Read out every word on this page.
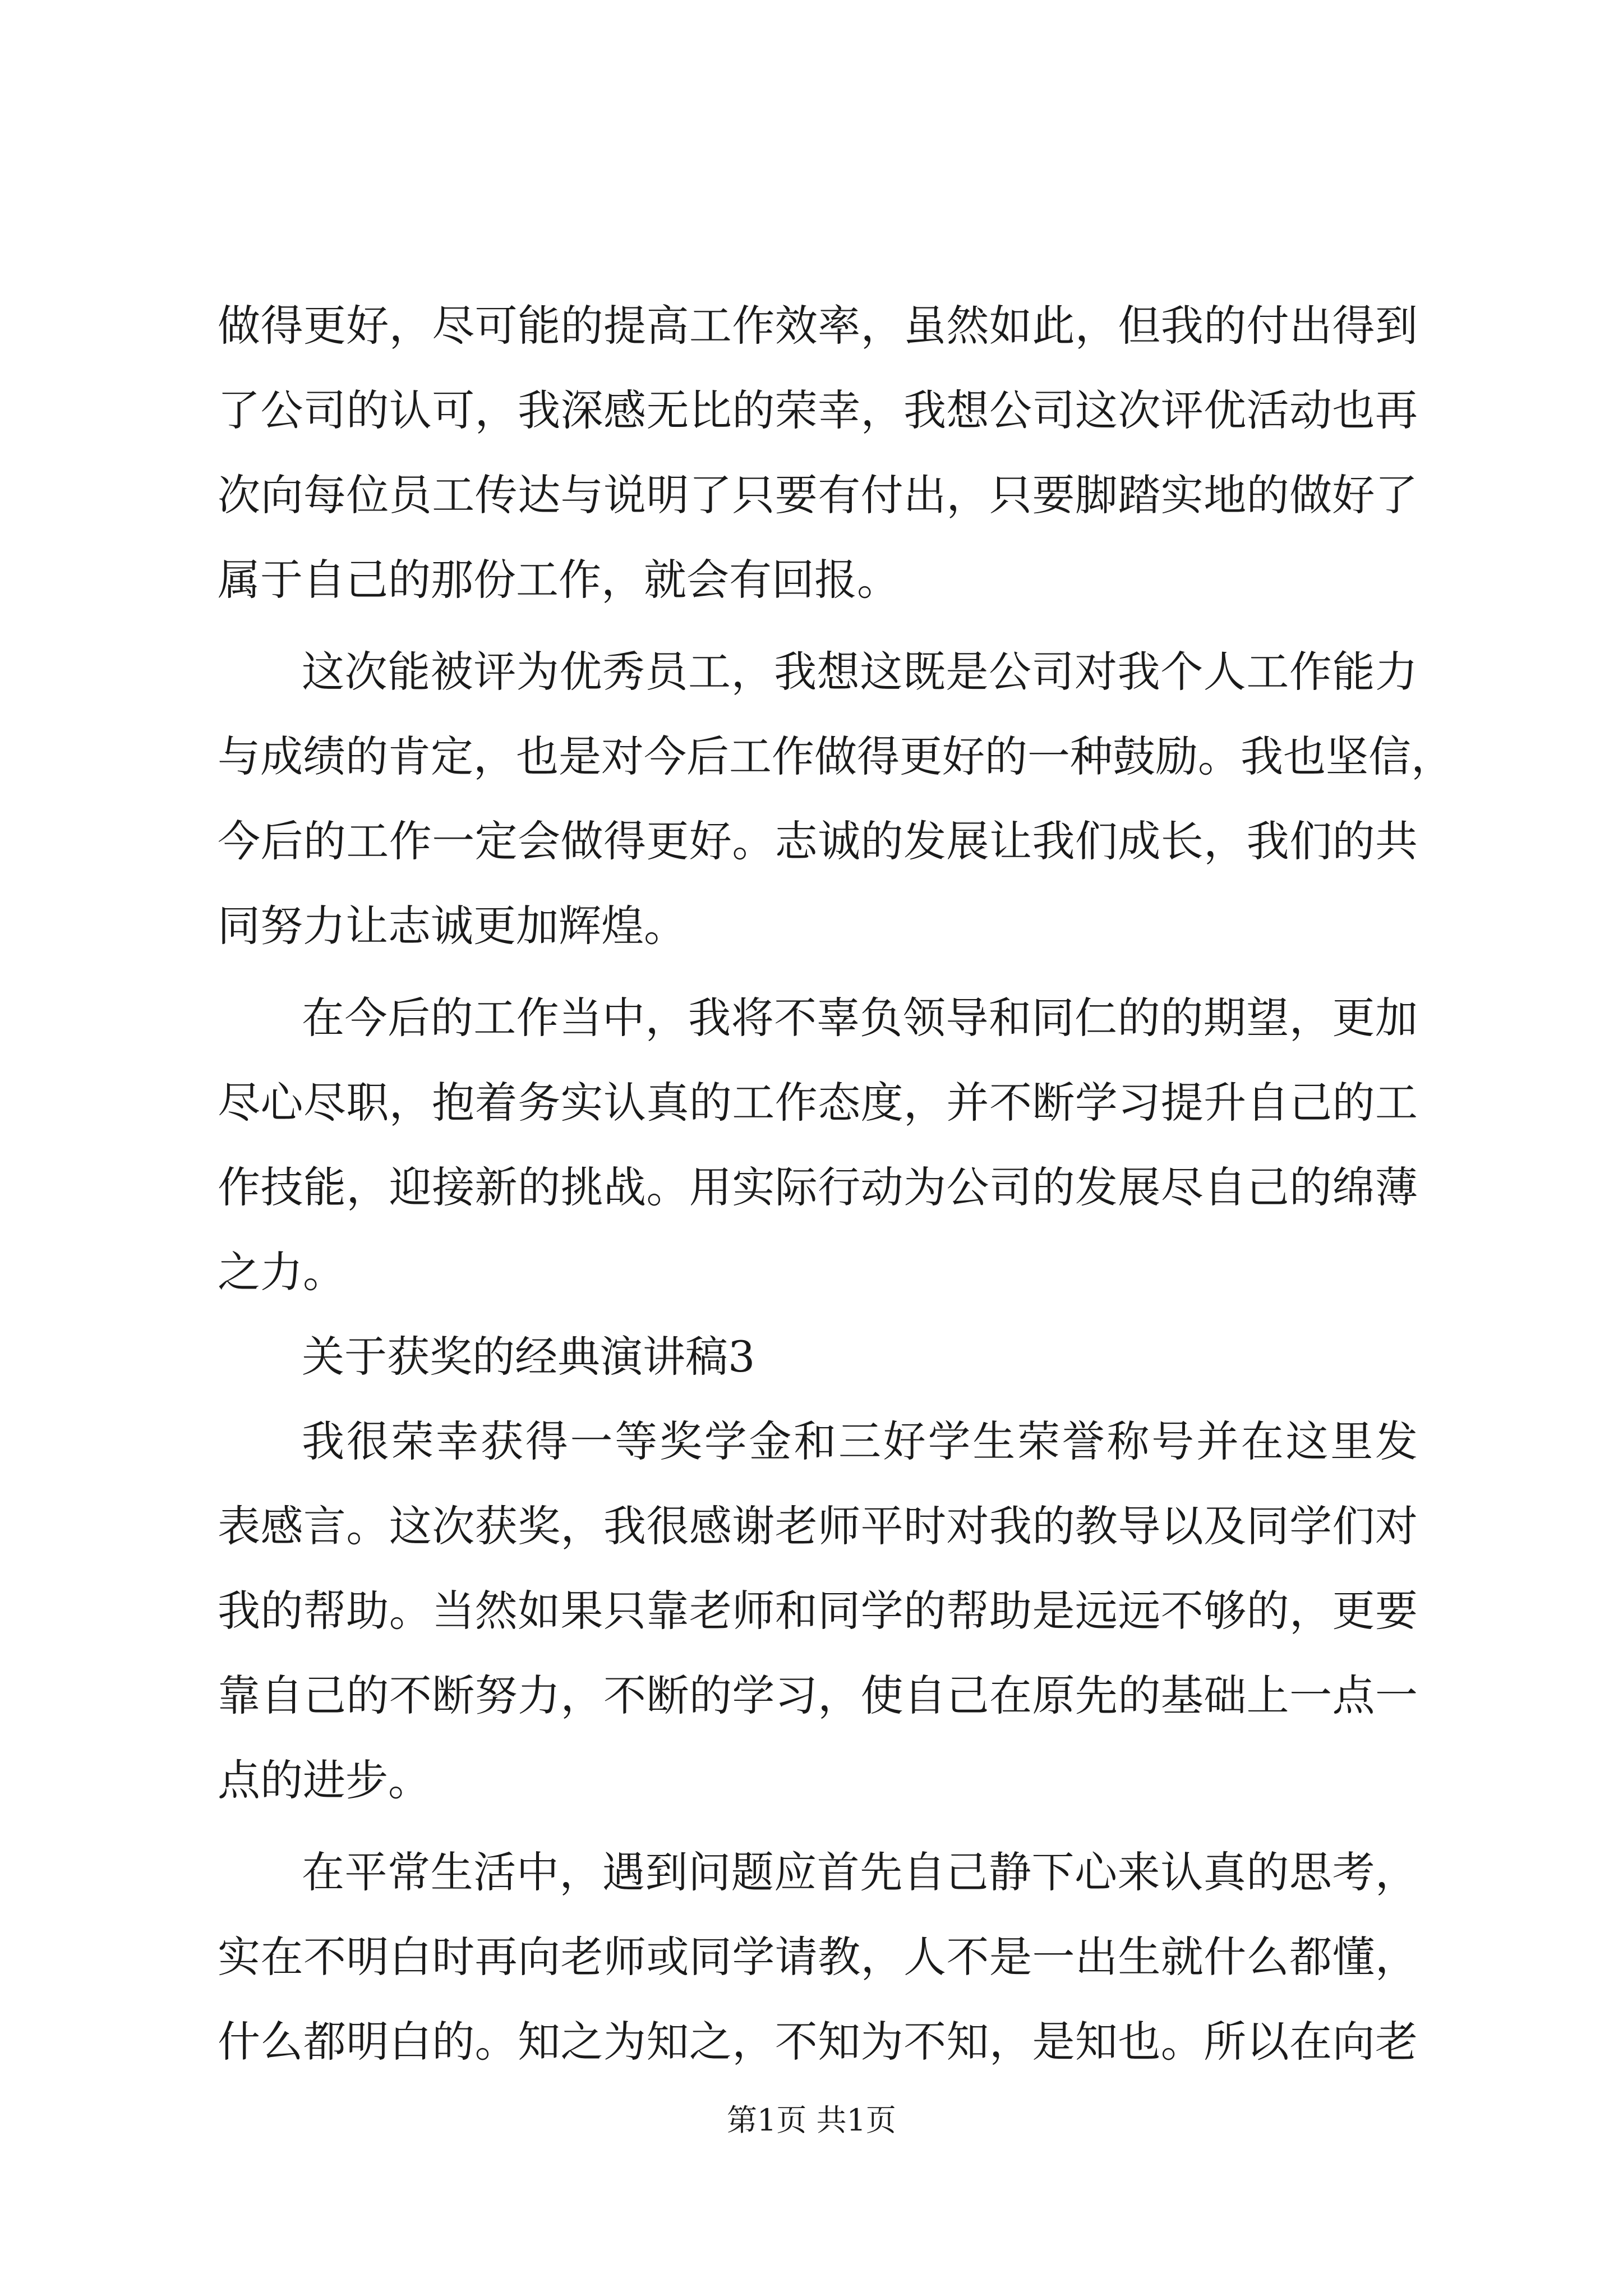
做得更好，尽可能的提高工作效率，虽然如此，但我的付出得到
了公司的认可，我深感无比的荣幸，我想公司这次评优活动也再
次向每位员工传达与说明了只要有付出，只要脚踏实地的做好了
属于自己的那份工作，就会有回报。
这次能被评为优秀员工，我想这既是公司对我个人工作能力
与成绩的肯定，也是对今后工作做得更好的一种鼓励。我也坚信，
今后的工作一定会做得更好。志诚的发展让我们成长，我们的共
同努力让志诚更加辉煌。
在今后的工作当中，我将不辜负领导和同仁的的期望，更加
尽心尽职，抱着务实认真的工作态度，并不断学习提升自己的工
作技能，迎接新的挑战。用实际行动为公司的发展尽自己的绵薄
之力。
关于获奖的经典演讲稿3
我很荣幸获得一等奖学金和三好学生荣誉称号并在这里发
表感言。这次获奖，我很感谢老师平时对我的教导以及同学们对
我的帮助。当然如果只靠老师和同学的帮助是远远不够的，更要
靠自己的不断努力，不断的学习，使自己在原先的基础上一点一
点的进步。
在平常生活中，遇到问题应首先自己静下心来认真的思考，
实在不明白时再向老师或同学请教，人不是一出生就什么都懂，
什么都明白的。知之为知之，不知为不知，是知也。所以在向老
第1页 共1页
